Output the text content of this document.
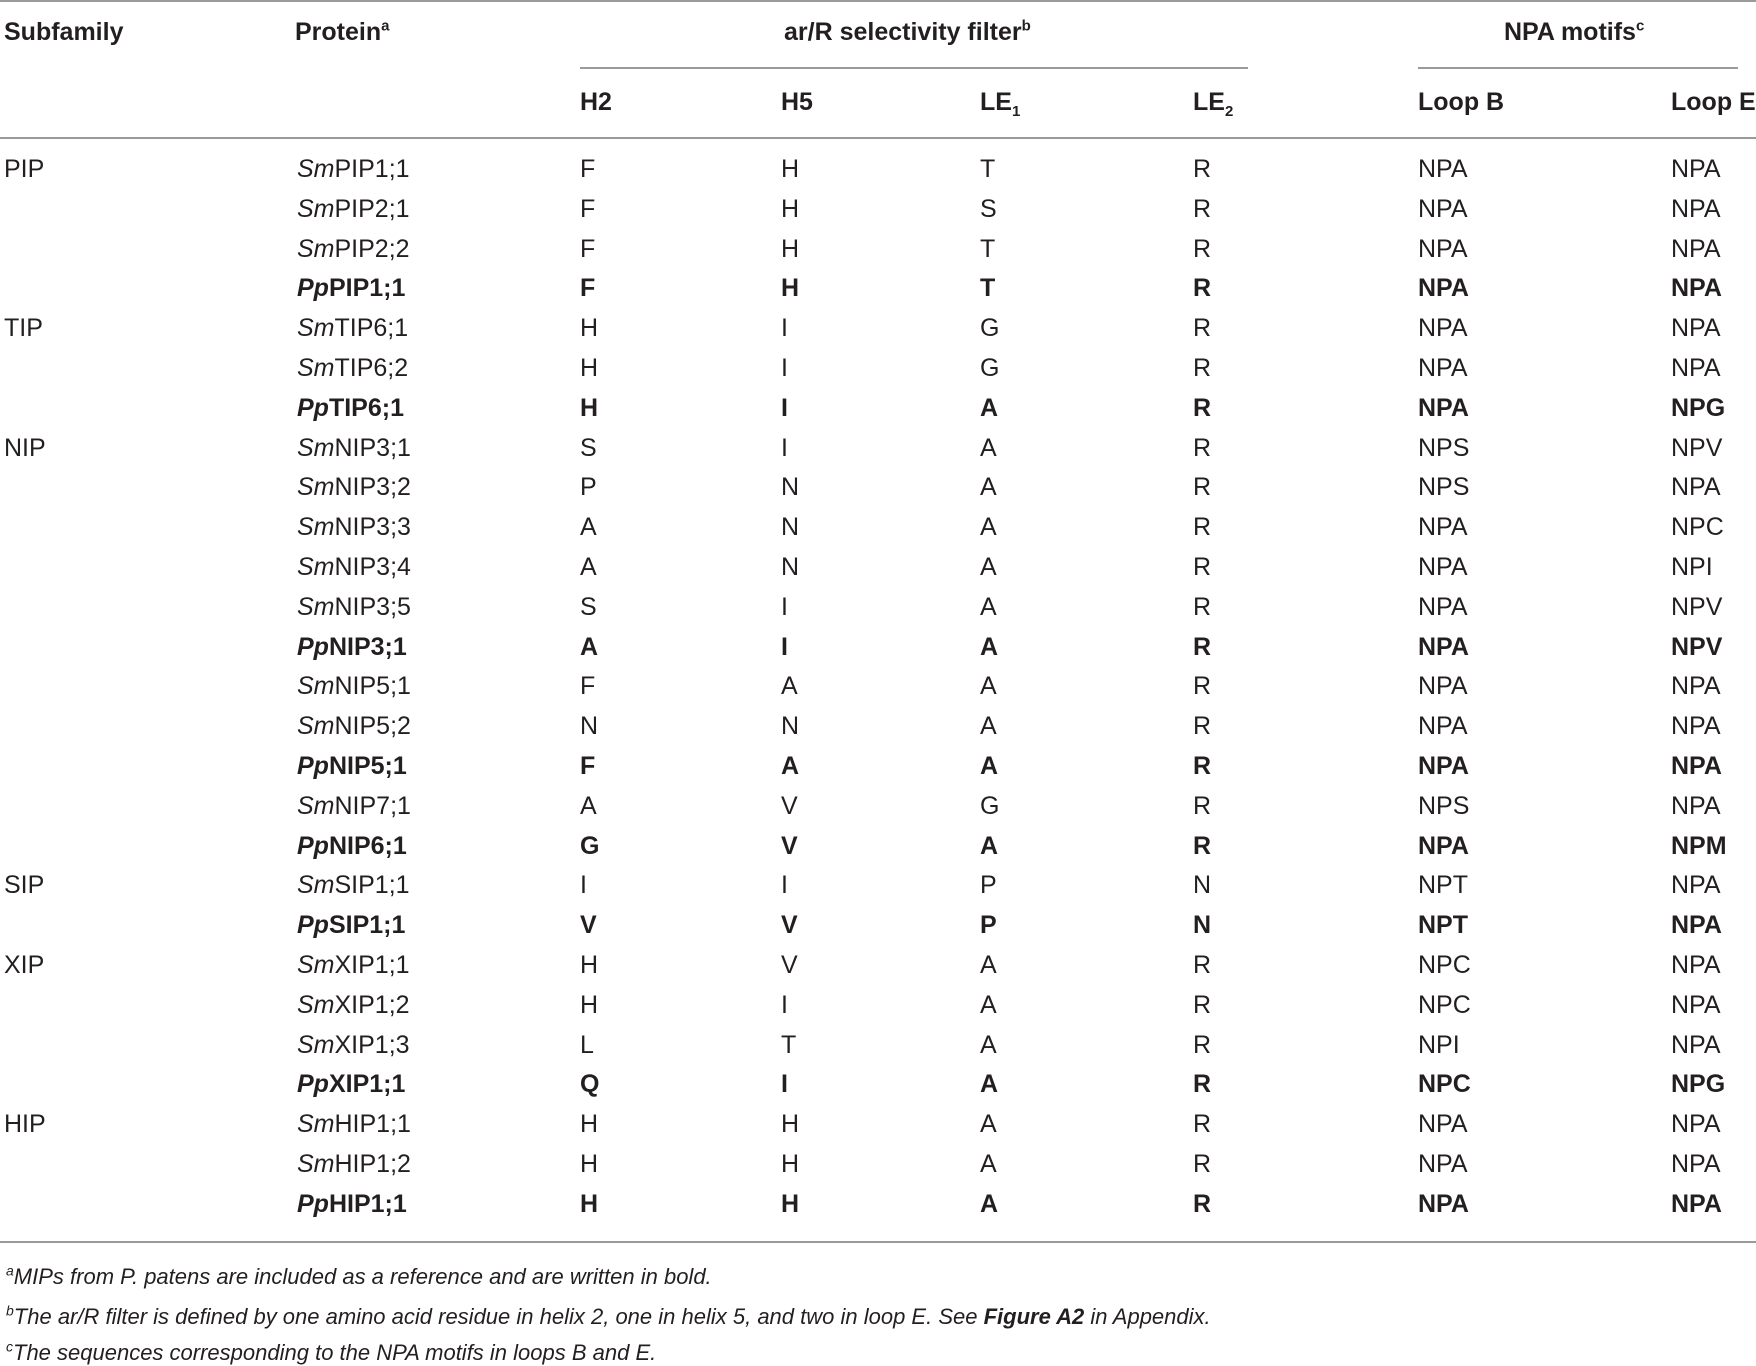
Subfamily	Protein$^a$	ar/R selectivity filter$^b$	NPA motifs$^c$
H2	H5	$LE_1$	$LE_2$	Loop B	Loop E
PIP	SmPIP1;1	F	H	T	R	NPA	NPA
SmPIP2;1	F	H	S	R	NPA	NPA
SmPIP2;2	F	H	T	R	NPA	NPA
PpPIP1;1	F	H	T	R	NPA	NPA
TIP	SmTIP6;1	H	I	G	R	NPA	NPA
SmTIP6;2	H	I	G	R	NPA	NPA
PpTIP6;1	H	I	A	R	NPA	NPG
NIP	SmNIP3;1	S	I	A	R	NPS	NPV
SmNIP3;2	P	N	A	R	NPS	NPA
SmNIP3;3	A	N	A	R	NPA	NPC
SmNIP3;4	A	N	A	R	NPA	NPI
SmNIP3;5	S	I	A	R	NPA	NPV
PpNIP3;1	A	I	A	R	NPA	NPV
SmNIP5;1	F	A	A	R	NPA	NPA
SmNIP5;2	N	N	A	R	NPA	NPA
PpNIP5;1	F	A	A	R	NPA	NPA
SmNIP7;1	A	V	G	R	NPS	NPA
PpNIP6;1	G	V	A	R	NPA	NPM
SIP	SmSIP1;1	I	I	P	N	NPT	NPA
PpSIP1;1	V	V	P	N	NPT	NPA
XIP	SmXIP1;1	H	V	A	R	NPC	NPA
SmXIP1;2	H	I	A	R	NPC	NPA
SmXIP1;3	L	T	A	R	NPI	NPA
PpXIP1;1	Q	I	A	R	NPC	NPG
HIP	SmHIP1;1	H	H	A	R	NPA	NPA
SmHIP1;2	H	H	A	R	NPA	NPA
PpHIP1;1	H	H	A	R	NPA	NPA
$^a$MIPs from P. patens are included as a reference and are written in bold.
$^b$The ar/R filter is defined by one amino acid residue in helix 2, one in helix 5, and two in loop E. See Figure A2 in Appendix.
$^c$The sequences corresponding to the NPA motifs in loops B and E.
